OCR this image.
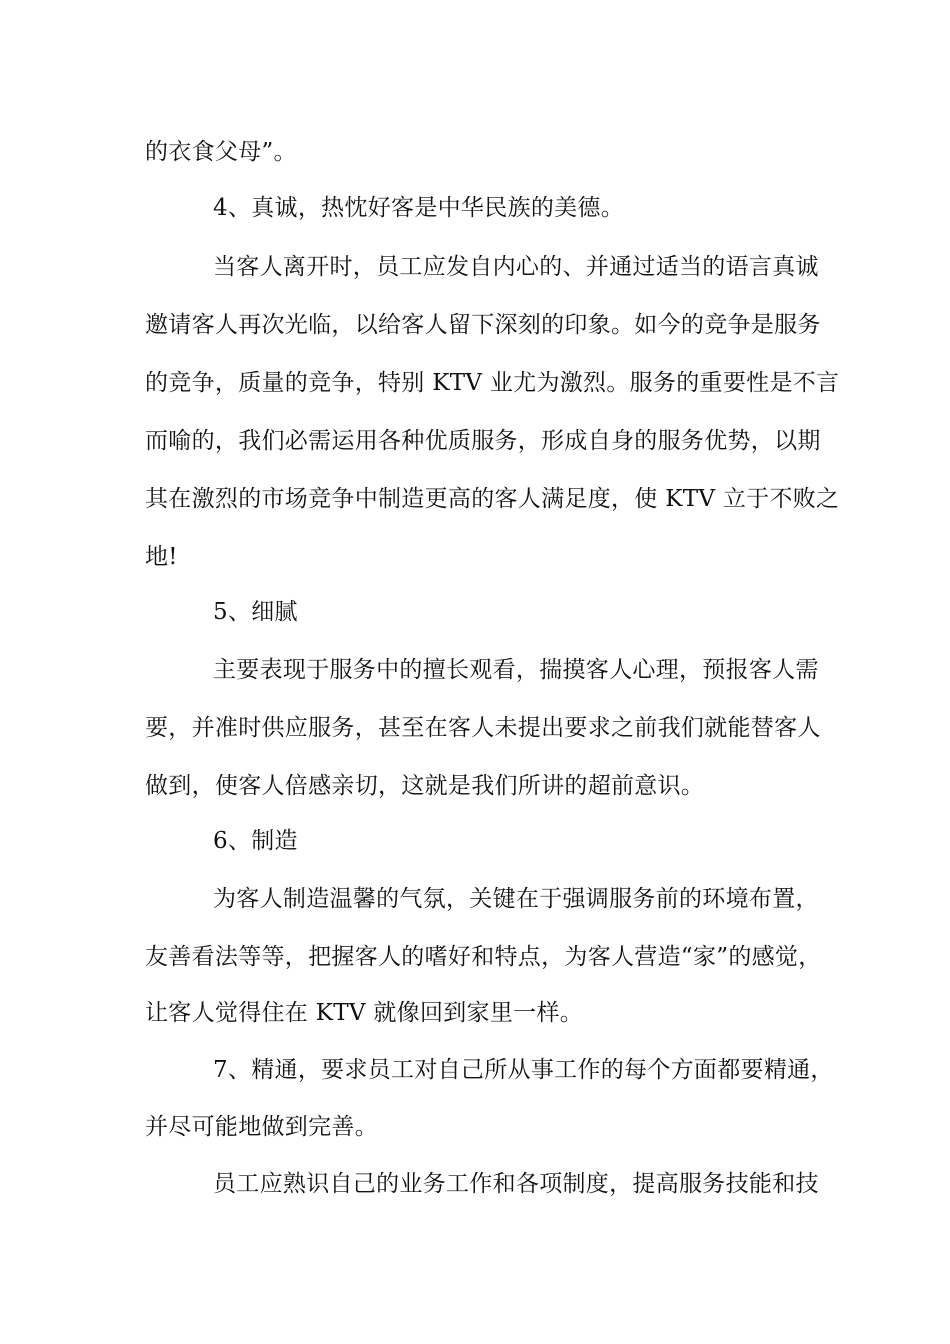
的衣食父母”。
4、真诚，热忱好客是中华民族的美德。
当客人离开时，员工应发自内心的、并通过适当的语言真诚
邀请客人再次光临，以给客人留下深刻的印象。如今的竞争是服务
的竞争，质量的竞争，特别 KTV 业尤为激烈。服务的重要性是不言
而喻的，我们必需运用各种优质服务，形成自身的服务优势，以期
其在激烈的市场竞争中制造更高的客人满足度，使 KTV 立于不败之
地!
5、细腻
主要表现于服务中的擅长观看，揣摸客人心理，预报客人需
要，并准时供应服务，甚至在客人未提出要求之前我们就能替客人
做到，使客人倍感亲切，这就是我们所讲的超前意识。
6、制造
为客人制造温馨的气氛，关键在于强调服务前的环境布置，
友善看法等等，把握客人的嗜好和特点，为客人营造“家”的感觉，
让客人觉得住在 KTV 就像回到家里一样。
7、精通，要求员工对自己所从事工作的每个方面都要精通，
并尽可能地做到完善。
员工应熟识自己的业务工作和各项制度，提高服务技能和技
